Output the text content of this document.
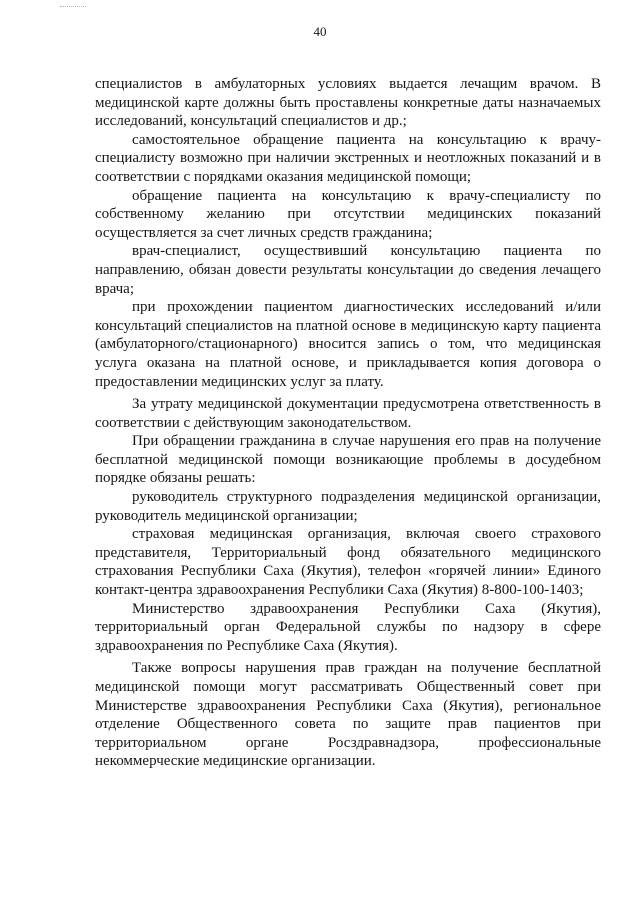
40

специалистов в амбулаторных условиях выдается лечащим врачом. В медицинской карте должны быть проставлены конкретные даты назначаемых исследований, консультаций специалистов и др.;

самостоятельное обращение пациента на консультацию к врачу-специалисту возможно при наличии экстренных и неотложных показаний и в соответствии с порядками оказания медицинской помощи;

обращение пациента на консультацию к врачу-специалисту по собственному желанию при отсутствии медицинских показаний осуществляется за счет личных средств гражданина;

врач-специалист, осуществивший консультацию пациента по направлению, обязан довести результаты консультации до сведения лечащего врача;

при прохождении пациентом диагностических исследований и/или консультаций специалистов на платной основе в медицинскую карту пациента (амбулаторного/стационарного) вносится запись о том, что медицинская услуга оказана на платной основе, и прикладывается копия договора о предоставлении медицинских услуг за плату.

За утрату медицинской документации предусмотрена ответственность в соответствии с действующим законодательством.

При обращении гражданина в случае нарушения его прав на получение бесплатной медицинской помощи возникающие проблемы в досудебном порядке обязаны решать:

руководитель структурного подразделения медицинской организации, руководитель медицинской организации;

страховая медицинская организация, включая своего страхового представителя, Территориальный фонд обязательного медицинского страхования Республики Саха (Якутия), телефон «горячей линии» Единого контакт-центра здравоохранения Республики Саха (Якутия) 8-800-100-1403;

Министерство здравоохранения Республики Саха (Якутия), территориальный орган Федеральной службы по надзору в сфере здравоохранения по Республике Саха (Якутия).

Также вопросы нарушения прав граждан на получение бесплатной медицинской помощи могут рассматривать Общественный совет при Министерстве здравоохранения Республики Саха (Якутия), региональное отделение Общественного совета по защите прав пациентов при территориальном органе Росздравнадзора, профессиональные некоммерческие медицинские организации.
